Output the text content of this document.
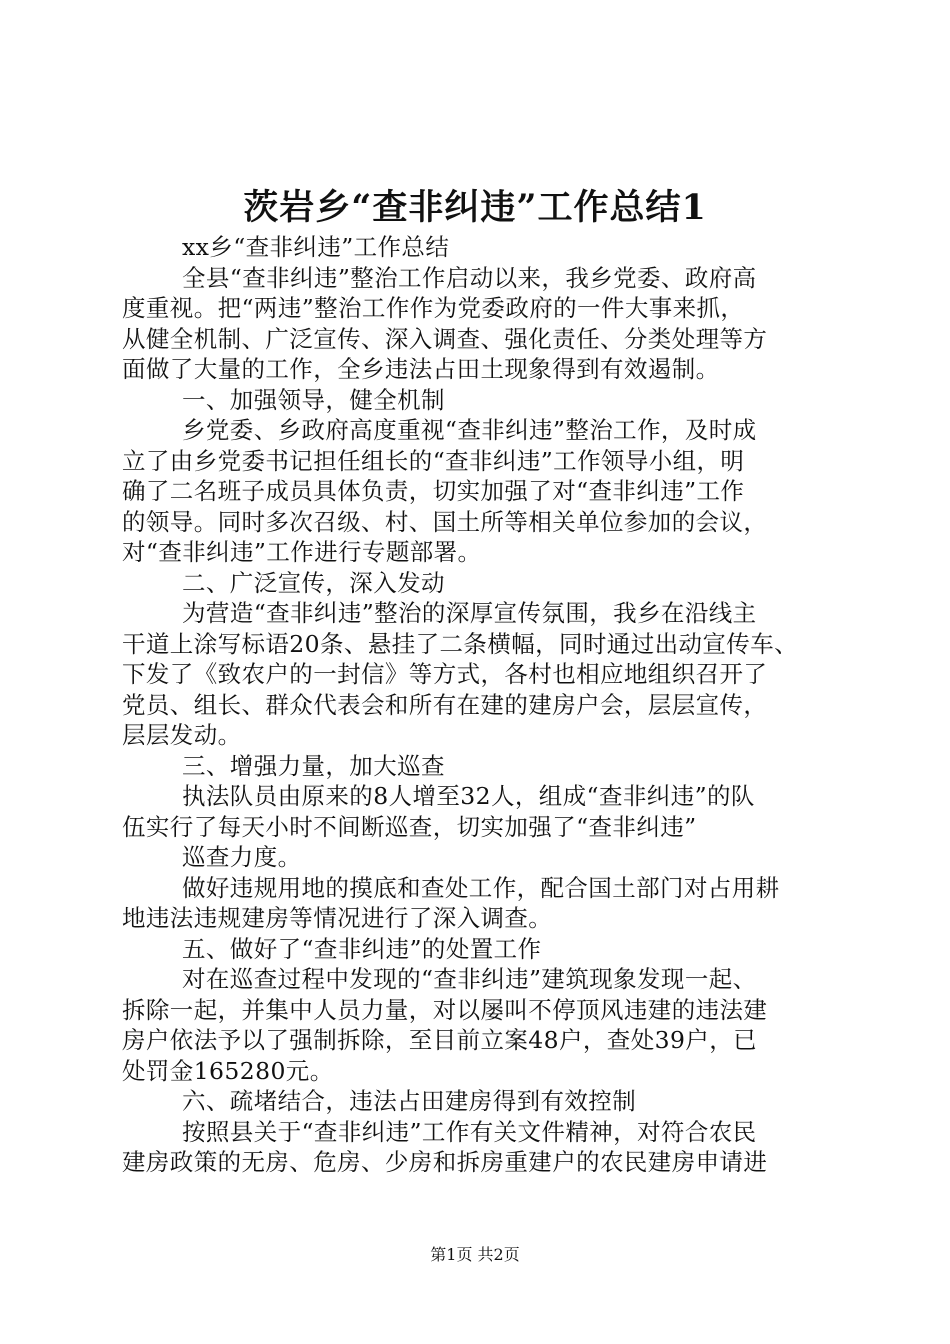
茨岩乡“查非纠违”工作总结1
xx乡“查非纠违”工作总结
全县“查非纠违”整治工作启动以来，我乡党委、政府高
度重视。把“两违”整治工作作为党委政府的一件大事来抓，
从健全机制、广泛宣传、深入调查、强化责任、分类处理等方
面做了大量的工作，全乡违法占田土现象得到有效遏制。
一、加强领导，健全机制
乡党委、乡政府高度重视“查非纠违”整治工作，及时成
立了由乡党委书记担任组长的“查非纠违”工作领导小组，明
确了二名班子成员具体负责，切实加强了对“查非纠违”工作
的领导。同时多次召级、村、国土所等相关单位参加的会议，
对“查非纠违”工作进行专题部署。
二、广泛宣传，深入发动
为营造“查非纠违”整治的深厚宣传氛围，我乡在沿线主
干道上涂写标语20条、悬挂了二条横幅，同时通过出动宣传车、
下发了《致农户的一封信》等方式，各村也相应地组织召开了
党员、组长、群众代表会和所有在建的建房户会，层层宣传，
层层发动。
三、增强力量，加大巡查
执法队员由原来的8人增至32人，组成“查非纠违”的队
伍实行了每天小时不间断巡查，切实加强了“查非纠违”
巡查力度。
做好违规用地的摸底和查处工作，配合国土部门对占用耕
地违法违规建房等情况进行了深入调查。
五、做好了“查非纠违”的处置工作
对在巡查过程中发现的“查非纠违”建筑现象发现一起、
拆除一起，并集中人员力量，对以屡叫不停顶风违建的违法建
房户依法予以了强制拆除，至目前立案48户，查处39户，已
处罚金165280元。
六、疏堵结合，违法占田建房得到有效控制
按照县关于“查非纠违”工作有关文件精神，对符合农民
建房政策的无房、危房、少房和拆房重建户的农民建房申请进
第1页 共2页
